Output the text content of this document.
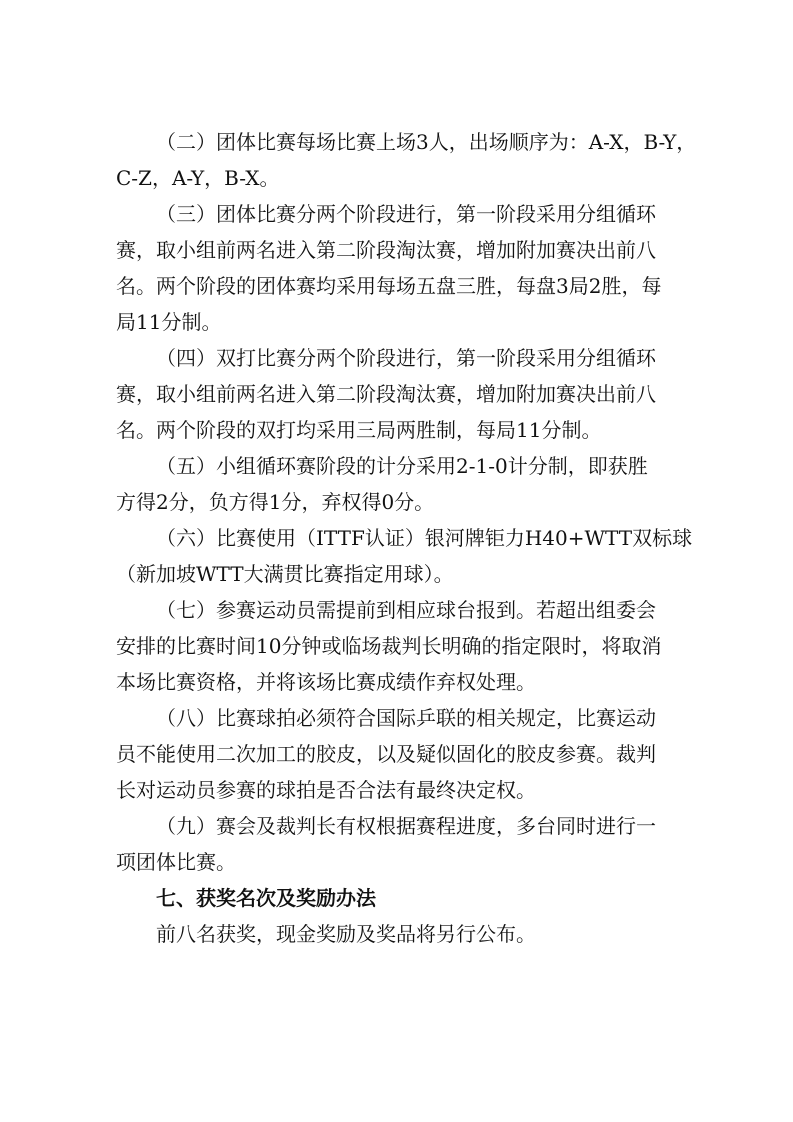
（二）团体比赛每场比赛上场3人，出场顺序为：A-X，B-Y，
C-Z，A-Y，B-X。
（三）团体比赛分两个阶段进行，第一阶段采用分组循环
赛，取小组前两名进入第二阶段淘汰赛，增加附加赛决出前八
名。两个阶段的团体赛均采用每场五盘三胜，每盘3局2胜，每
局11分制。
（四）双打比赛分两个阶段进行，第一阶段采用分组循环
赛，取小组前两名进入第二阶段淘汰赛，增加附加赛决出前八
名。两个阶段的双打均采用三局两胜制，每局11分制。
（五）小组循环赛阶段的计分采用2-1-0计分制，即获胜
方得2分，负方得1分，弃权得0分。
（六）比赛使用（ITTF认证）银河牌钜力H40+WTT双标球
（新加坡WTT大满贯比赛指定用球）。
（七）参赛运动员需提前到相应球台报到。若超出组委会
安排的比赛时间10分钟或临场裁判长明确的指定限时，将取消
本场比赛资格，并将该场比赛成绩作弃权处理。
（八）比赛球拍必须符合国际乒联的相关规定，比赛运动
员不能使用二次加工的胶皮，以及疑似固化的胶皮参赛。裁判
长对运动员参赛的球拍是否合法有最终决定权。
（九）赛会及裁判长有权根据赛程进度，多台同时进行一
项团体比赛。
七、获奖名次及奖励办法
前八名获奖，现金奖励及奖品将另行公布。
